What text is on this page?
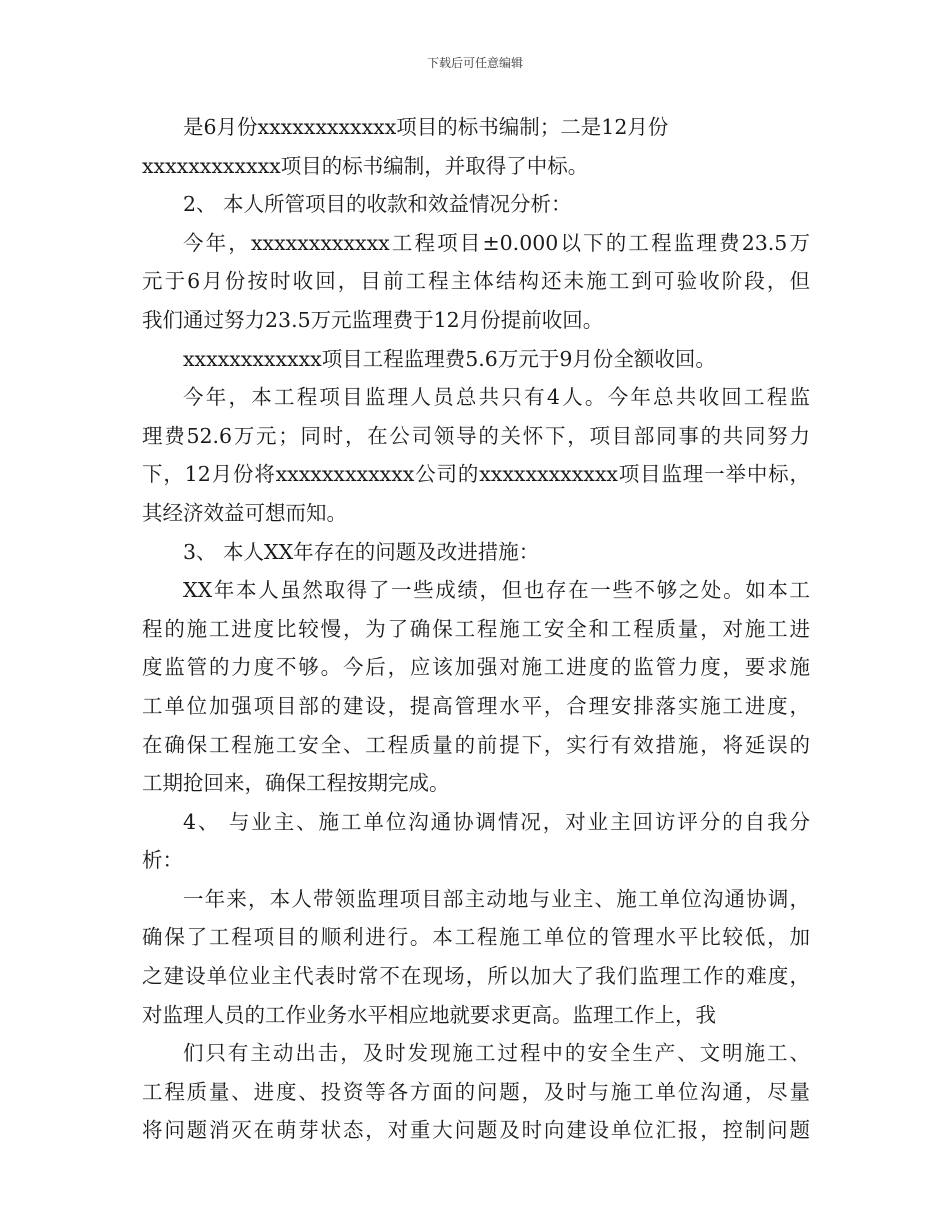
下载后可任意编辑
是6月份xxxxxxxxxxxx项目的标书编制；二是12月份
xxxxxxxxxxxx项目的标书编制，并取得了中标。
2、 本人所管项目的收款和效益情况分析：
今年，xxxxxxxxxxxx工程项目±0.000以下的工程监理费23.5万
元于6月份按时收回，目前工程主体结构还未施工到可验收阶段，但
我们通过努力23.5万元监理费于12月份提前收回。
xxxxxxxxxxxx项目工程监理费5.6万元于9月份全额收回。
今年，本工程项目监理人员总共只有4人。今年总共收回工程监
理费52.6万元；同时，在公司领导的关怀下，项目部同事的共同努力
下，12月份将xxxxxxxxxxxx公司的xxxxxxxxxxxx项目监理一举中标，
其经济效益可想而知。
3、 本人XX年存在的问题及改进措施：
XX年本人虽然取得了一些成绩，但也存在一些不够之处。如本工
程的施工进度比较慢，为了确保工程施工安全和工程质量，对施工进
度监管的力度不够。今后，应该加强对施工进度的监管力度，要求施
工单位加强项目部的建设，提高管理水平，合理安排落实施工进度，
在确保工程施工安全、工程质量的前提下，实行有效措施，将延误的
工期抢回来，确保工程按期完成。
4、 与业主、施工单位沟通协调情况，对业主回访评分的自我分
析：
一年来，本人带领监理项目部主动地与业主、施工单位沟通协调，
确保了工程项目的顺利进行。本工程施工单位的管理水平比较低，加
之建设单位业主代表时常不在现场，所以加大了我们监理工作的难度，
对监理人员的工作业务水平相应地就要求更高。监理工作上，我
们只有主动出击，及时发现施工过程中的安全生产、文明施工、
工程质量、进度、投资等各方面的问题，及时与施工单位沟通，尽量
将问题消灭在萌芽状态，对重大问题及时向建设单位汇报，控制问题
